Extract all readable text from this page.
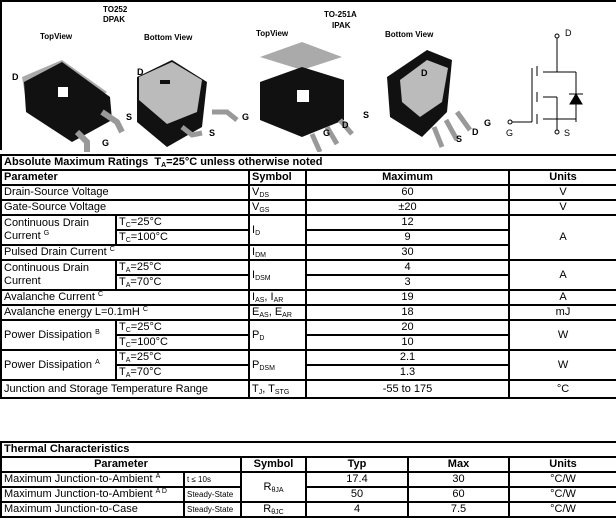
TO252
DPAK
TopView	Bottom View
TO-251A
IPAK
TopView	Bottom View
D
G
S
D
S
G
G
D
S
D
S
D
G
D
G	S
Absolute Maximum Ratings $T_A=25^\circ C$ unless otherwise noted				
Parameter		Symbol	Maximum	Units
Drain-Source Voltage		$V_{DS}$	60	V
Gate-Source Voltage		$V_{GS}$	±20	V
Continuous Drain Current $^G$	$T_C=25^\circ C$	$I_D$	12	A
	$T_C=100^\circ C$		9	
Pulsed Drain Current $^C$		$I_{DM}$	30	
Continuous Drain Current	$T_A=25^\circ C$	$I_{DSM}$	4	A
	$T_A=70^\circ C$		3	
Avalanche Current $^C$		$I_{AS}$, $I_{AR}$	19	A
Avalanche energy L=0.1mH $^C$		$E_{AS}$, $E_{AR}$	18	mJ
Power Dissipation $^B$	$T_C=25^\circ C$	$P_D$	20	W
	$T_C=100^\circ C$		10	
Power Dissipation $^A$	$T_A=25^\circ C$	$P_{DSM}$	2.1	W
	$T_A=70^\circ C$		1.3	
Junction and Storage Temperature Range		$T_J$, $T_{STG}$	-55 to 175	°C
Thermal Characteristics					
Parameter		Symbol	Typ	Max	Units
Maximum Junction-to-Ambient $^A$	t ≤ 10s	$R_{\theta JA}$	17.4	30	°C/W
Maximum Junction-to-Ambient $^{A D}$	Steady-State		50	60	°C/W
Maximum Junction-to-Case	Steady-State	$R_{\theta JC}$	4	7.5	°C/W
